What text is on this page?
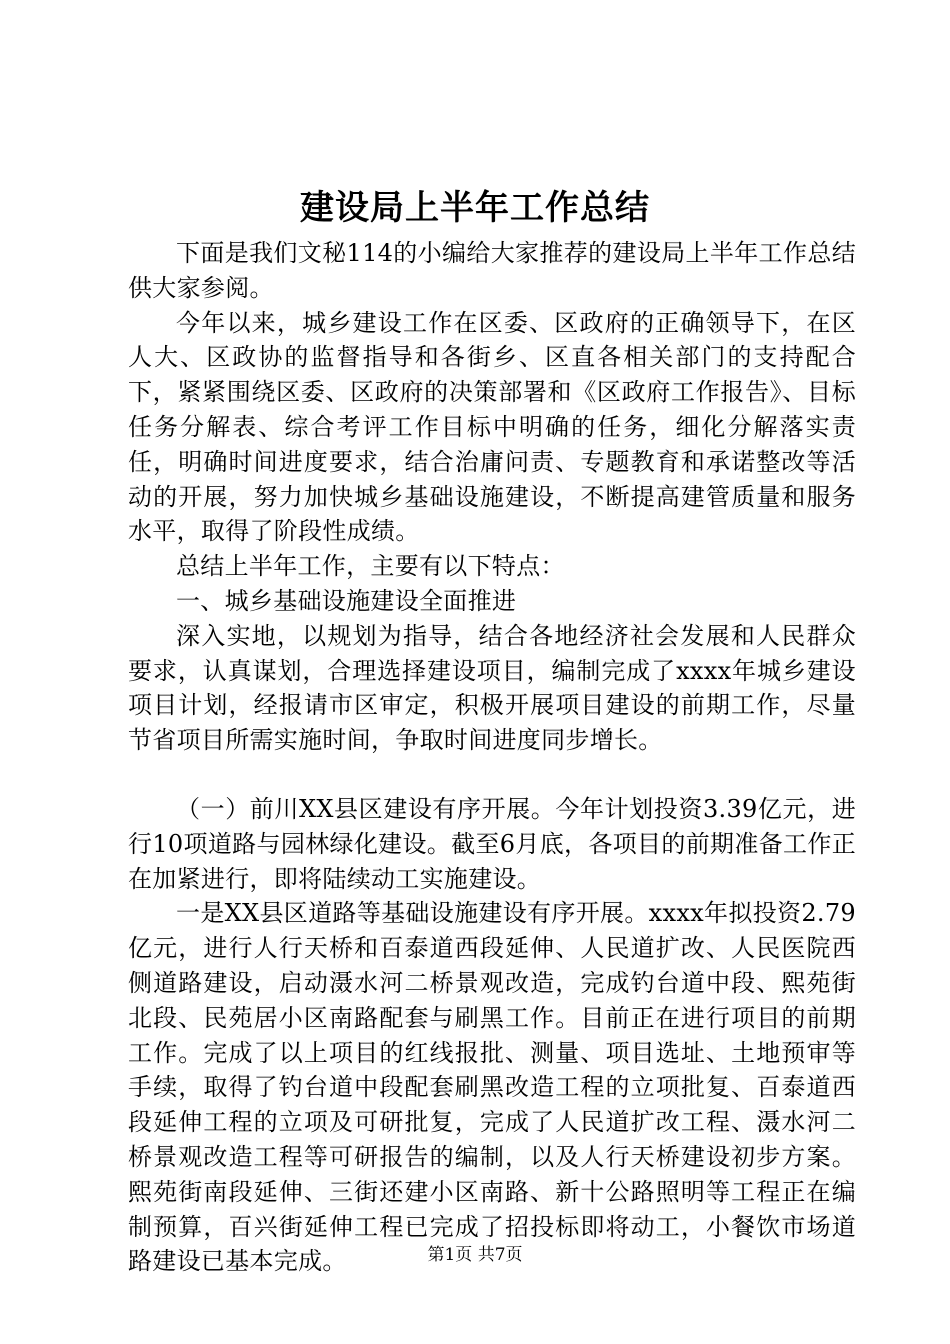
建设局上半年工作总结

下面是我们文秘114的小编给大家推荐的建设局上半年工作总结供大家参阅。

今年以来，城乡建设工作在区委、区政府的正确领导下，在区人大、区政协的监督指导和各街乡、区直各相关部门的支持配合下，紧紧围绕区委、区政府的决策部署和《区政府工作报告》、目标任务分解表、综合考评工作目标中明确的任务，细化分解落实责任，明确时间进度要求，结合治庸问责、专题教育和承诺整改等活动的开展，努力加快城乡基础设施建设，不断提高建管质量和服务水平，取得了阶段性成绩。

总结上半年工作，主要有以下特点：

一、城乡基础设施建设全面推进

深入实地，以规划为指导，结合各地经济社会发展和人民群众要求，认真谋划，合理选择建设项目，编制完成了xxxx年城乡建设项目计划，经报请市区审定，积极开展项目建设的前期工作，尽量节省项目所需实施时间，争取时间进度同步增长。

（一）前川XX县区建设有序开展。今年计划投资3.39亿元，进行10项道路与园林绿化建设。截至6月底，各项目的前期准备工作正在加紧进行，即将陆续动工实施建设。

一是XX县区道路等基础设施建设有序开展。xxxx年拟投资2.79亿元，进行人行天桥和百泰道西段延伸、人民道扩改、人民医院西侧道路建设，启动滠水河二桥景观改造，完成钓台道中段、熙苑街北段、民苑居小区南路配套与刷黑工作。目前正在进行项目的前期工作。完成了以上项目的红线报批、测量、项目选址、土地预审等手续，取得了钓台道中段配套刷黑改造工程的立项批复、百泰道西段延伸工程的立项及可研批复，完成了人民道扩改工程、滠水河二桥景观改造工程等可研报告的编制，以及人行天桥建设初步方案。熙苑街南段延伸、三街还建小区南路、新十公路照明等工程正在编制预算，百兴街延伸工程已完成了招投标即将动工，小餐饮市场道路建设已基本完成。	第1页 共7页
